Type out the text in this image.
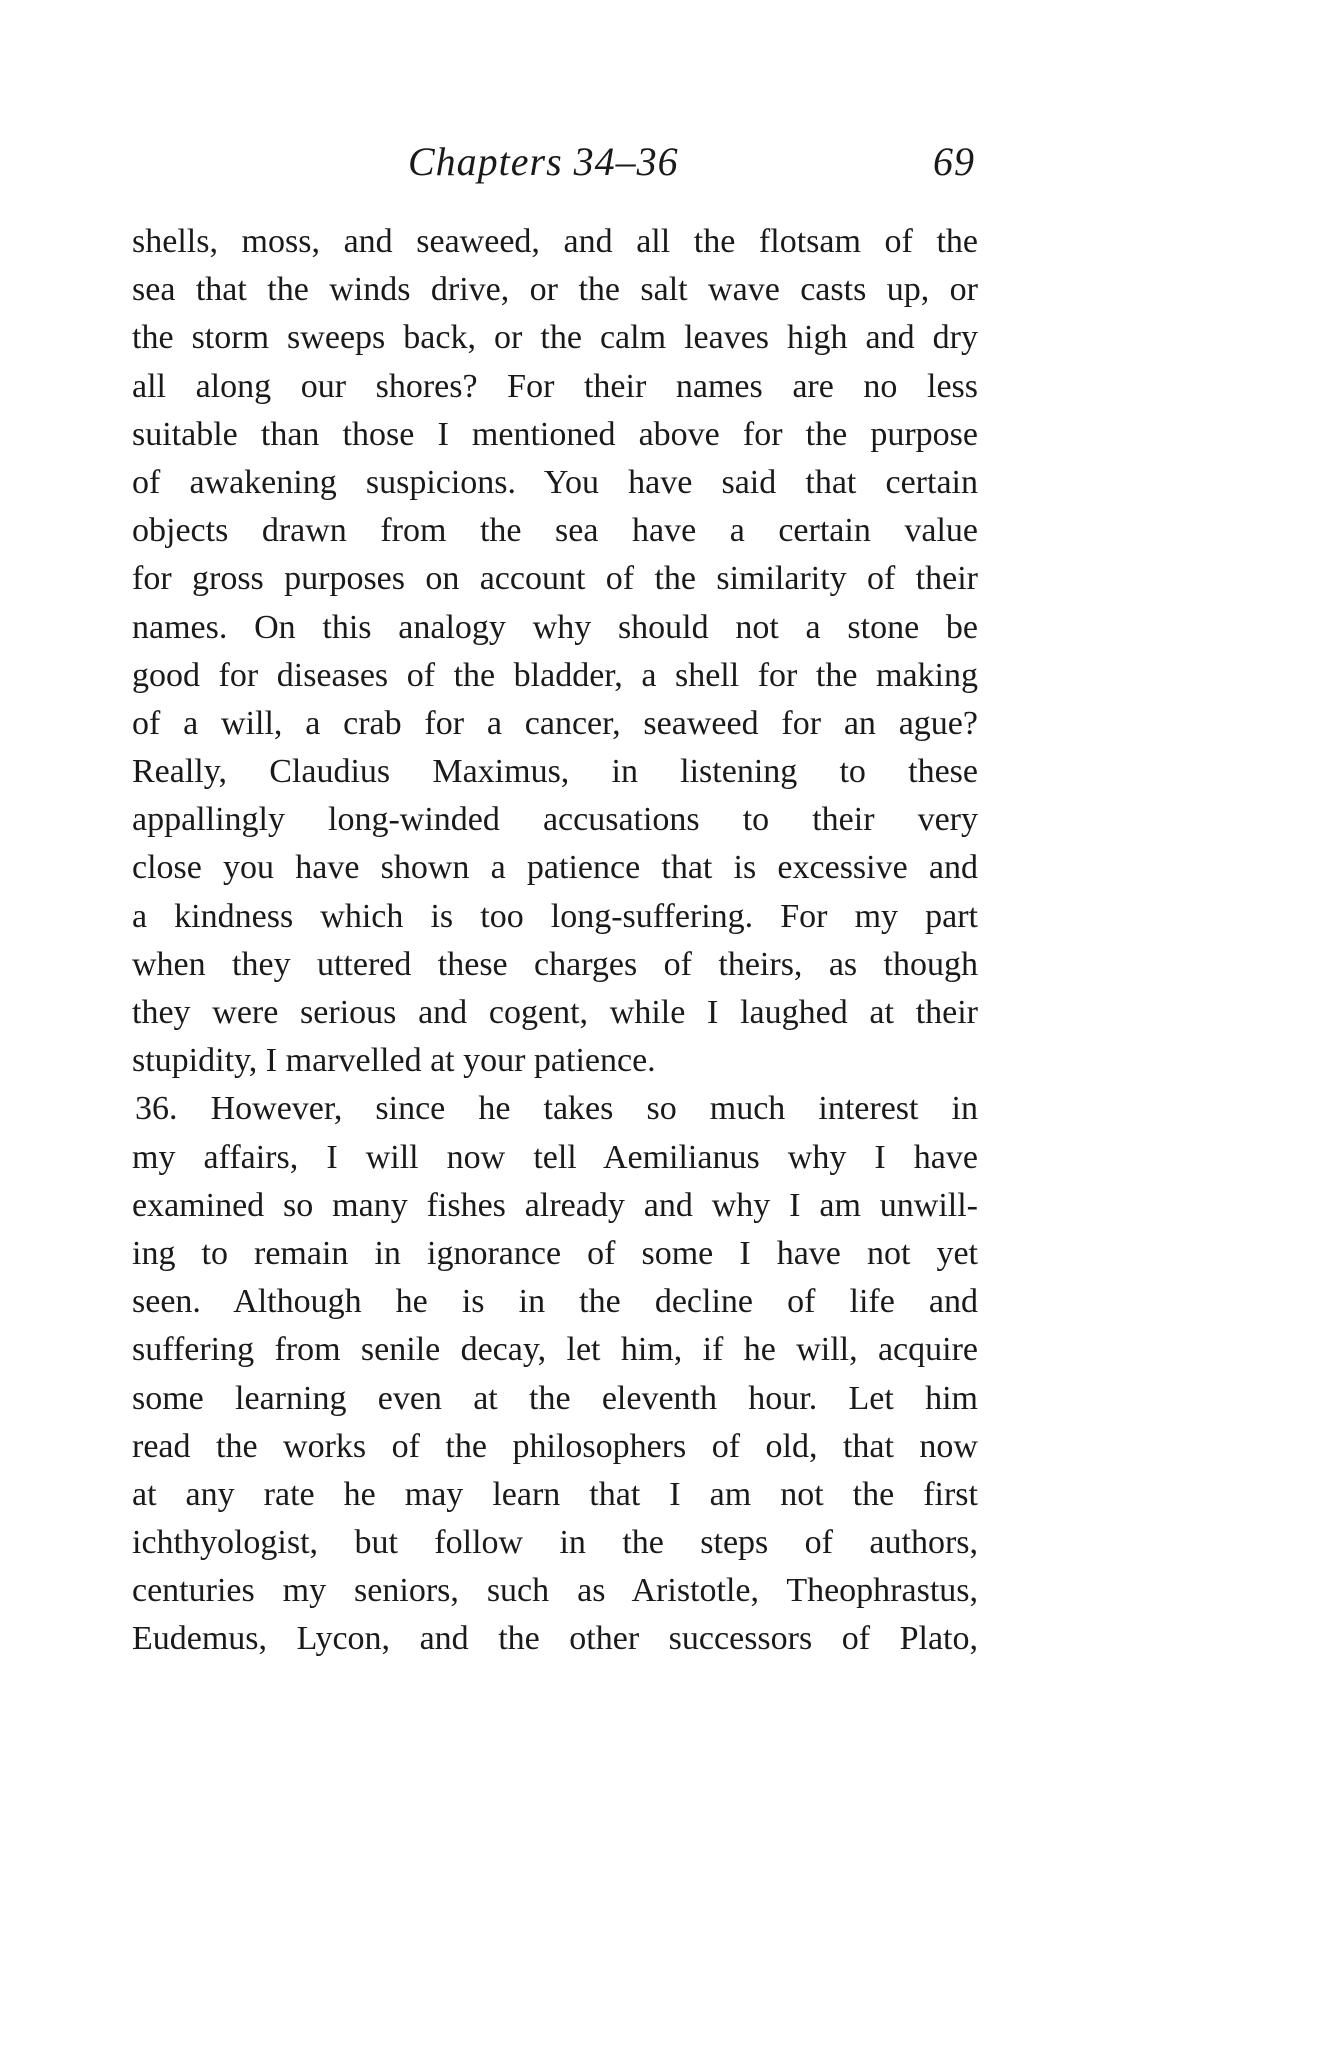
Chapters 34–36	69
shells, moss, and seaweed, and all the flotsam of the
sea that the winds drive, or the salt wave casts up, or
the storm sweeps back, or the calm leaves high and dry
all along our shores? For their names are no less
suitable than those I mentioned above for the purpose
of awakening suspicions. You have said that certain
objects drawn from the sea have a certain value
for gross purposes on account of the similarity of their
names. On this analogy why should not a stone be
good for diseases of the bladder, a shell for the making
of a will, a crab for a cancer, seaweed for an ague?
Really, Claudius Maximus, in listening to these
appallingly long-winded accusations to their very
close you have shown a patience that is excessive and
a kindness which is too long-suffering. For my part
when they uttered these charges of theirs, as though
they were serious and cogent, while I laughed at their
stupidity, I marvelled at your patience.
36. However, since he takes so much interest in
my affairs, I will now tell Aemilianus why I have
examined so many fishes already and why I am unwill-
ing to remain in ignorance of some I have not yet
seen. Although he is in the decline of life and
suffering from senile decay, let him, if he will, acquire
some learning even at the eleventh hour. Let him
read the works of the philosophers of old, that now
at any rate he may learn that I am not the first
ichthyologist, but follow in the steps of authors,
centuries my seniors, such as Aristotle, Theophrastus,
Eudemus, Lycon, and the other successors of Plato,
